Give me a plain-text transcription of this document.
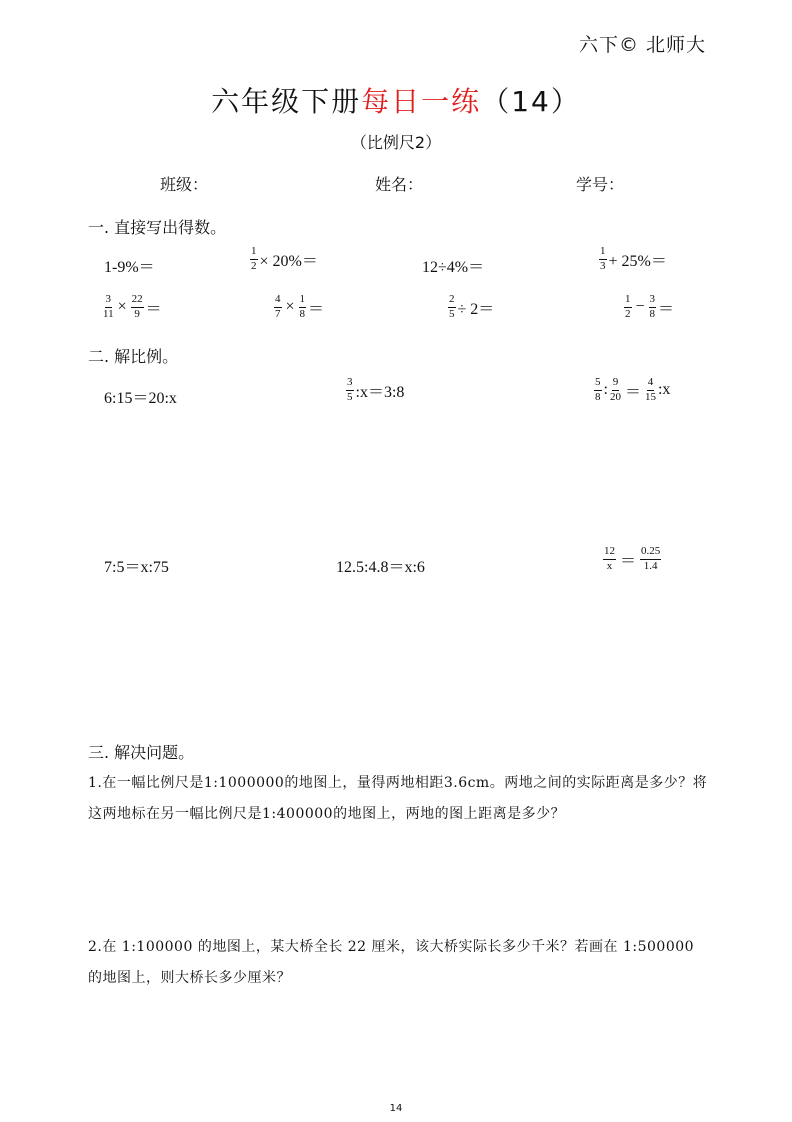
六下© 北师大
六年级下册每日一练（14）
（比例尺2）
班级：	姓名：	学号：
一. 直接写出得数。
1-9%＝	$\frac{1}{2} \times 20\%=$	12÷4%＝	$\frac{1}{3} + 25\%=$
$\frac{3}{11} \times \frac{22}{9}$ ＝	$\frac{4}{7} \times \frac{1}{8}$ ＝	$\frac{2}{5} \div 2=$	$\frac{1}{2} - \frac{3}{8}$ ＝
二. 解比例。
6:15＝20:x	$\frac{3}{5}$ :x＝3:8	$\frac{5}{8}$ : $\frac{9}{20} = \frac{4}{15}$ :x
7:5＝x:75	12.5:4.8＝x:6	$\frac{12}{x} = \frac{0.25}{1.4}$
三. 解决问题。
1.在一幅比例尺是1:1000000的地图上，量得两地相距3.6cm。两地之间的实际距离是多少？将这两地标在另一幅比例尺是1:400000的地图上，两地的图上距离是多少？
2.在 1:100000 的地图上，某大桥全长 22 厘米，该大桥实际长多少千米？若画在 1:500000 的地图上，则大桥长多少厘米？
14
